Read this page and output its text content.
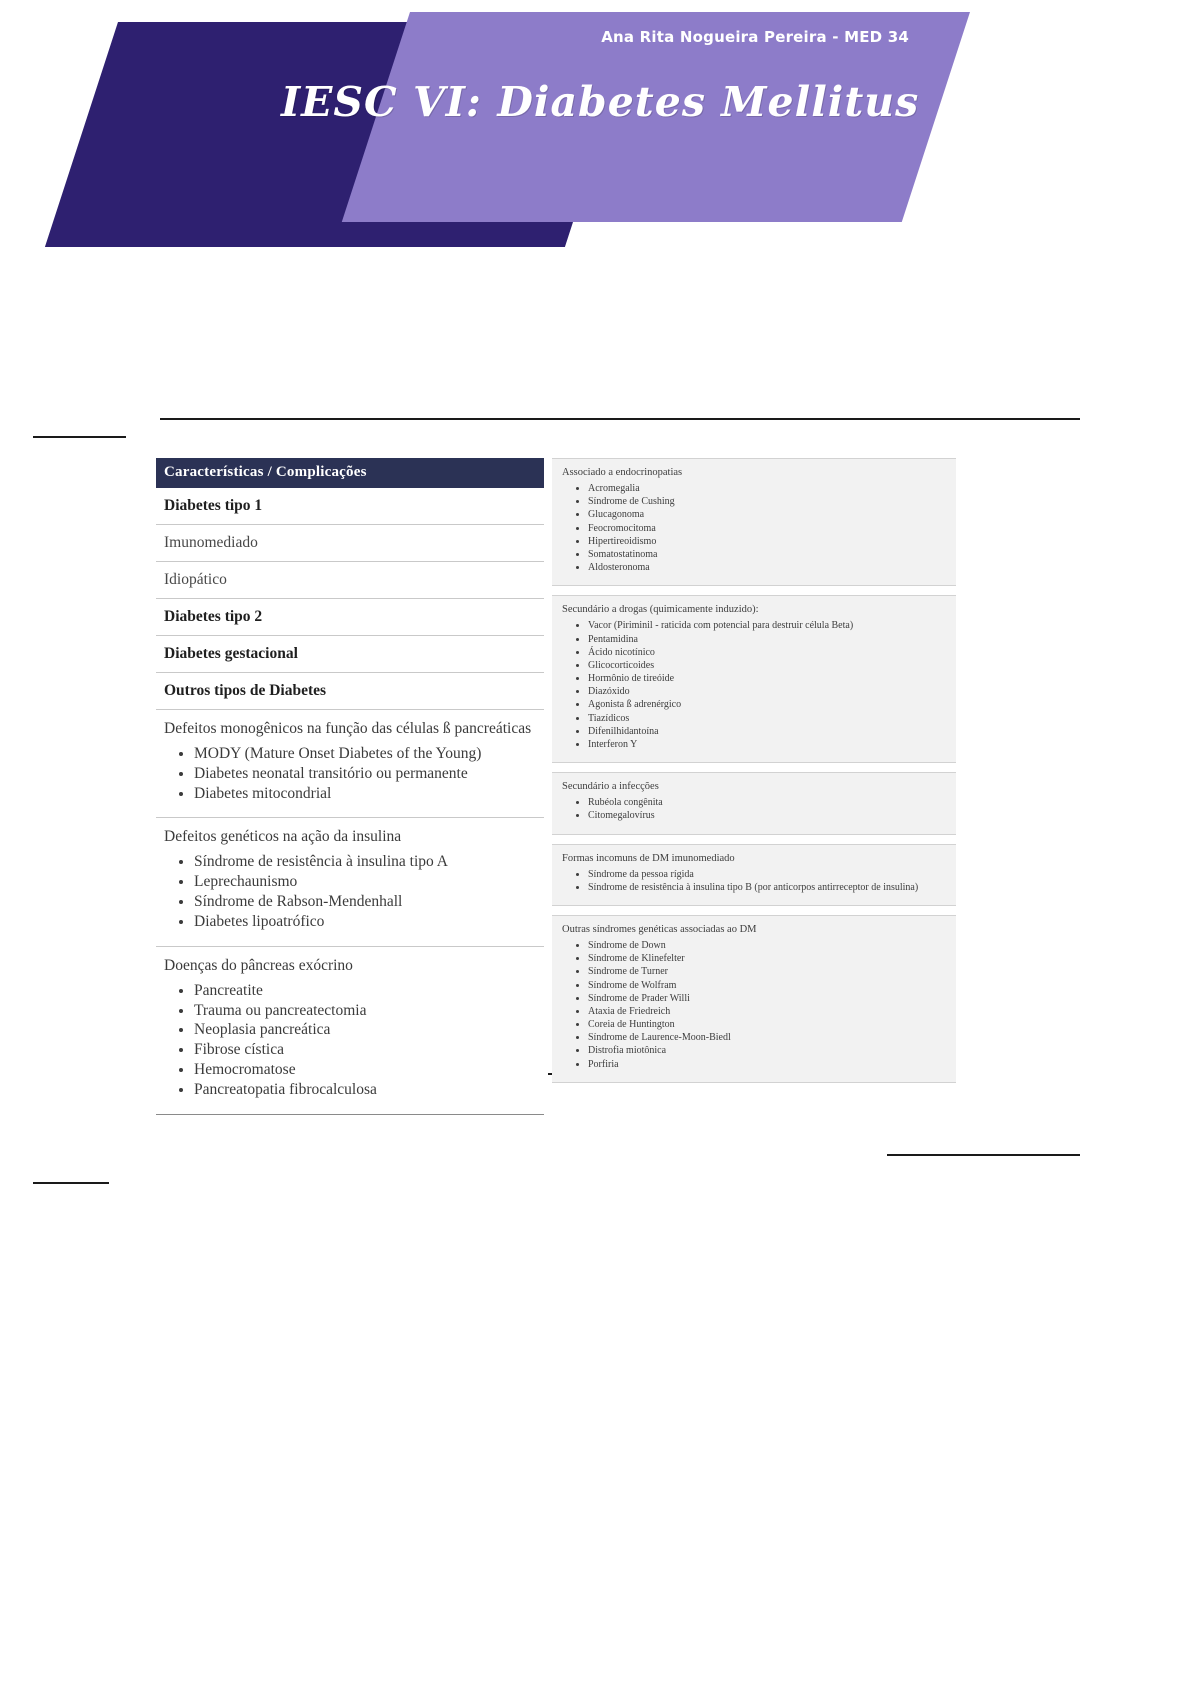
Ana Rita Nogueira Pereira - MED 34
IESC VI: Diabetes Mellitus
Características / Complicações
Diabetes tipo 1
Imunomediado
Idiopático
Diabetes tipo 2
Diabetes gestacional
Outros tipos de Diabetes
Defeitos monogênicos na função das células ß pancreáticas
• MODY (Mature Onset Diabetes of the Young)
• Diabetes neonatal transitório ou permanente
• Diabetes mitocondrial
Defeitos genéticos na ação da insulina
• Síndrome de resistência à insulina tipo A
• Leprechaunismo
• Síndrome de Rabson-Mendenhall
• Diabetes lipoatrófico
Doenças do pâncreas exócrino
• Pancreatite
• Trauma ou pancreatectomia
• Neoplasia pancreática
• Fibrose cística
• Hemocromatose
• Pancreatopatia fibrocalculosa
Associado a endocrinopatias
• Acromegalia
• Síndrome de Cushing
• Glucagonoma
• Feocromocitoma
• Hipertireoidismo
• Somatostatinoma
• Aldosteronoma
Secundário a drogas (quimicamente induzido):
• Vacor (Piriminil - raticida com potencial para destruir célula Beta)
• Pentamidina
• Ácido nicotínico
• Glicocorticoides
• Hormônio de tireóide
• Diazóxido
• Agonista ß adrenérgico
• Tiazídicos
• Difenilhidantoína
• Interferon Y
Secundário a infecções
• Rubéola congênita
• Citomegalovírus
Formas incomuns de DM imunomediado
• Síndrome da pessoa rígida
• Síndrome de resistência à insulina tipo B (por anticorpos antirreceptor de insulina)
Outras síndromes genéticas associadas ao DM
• Síndrome de Down
• Síndrome de Klinefelter
• Síndrome de Turner
• Síndrome de Wolfram
• Síndrome de Prader Willi
• Ataxia de Friedreich
• Coreia de Huntington
• Síndrome de Laurence-Moon-Biedl
• Distrofia miotônica
• Porfiria
